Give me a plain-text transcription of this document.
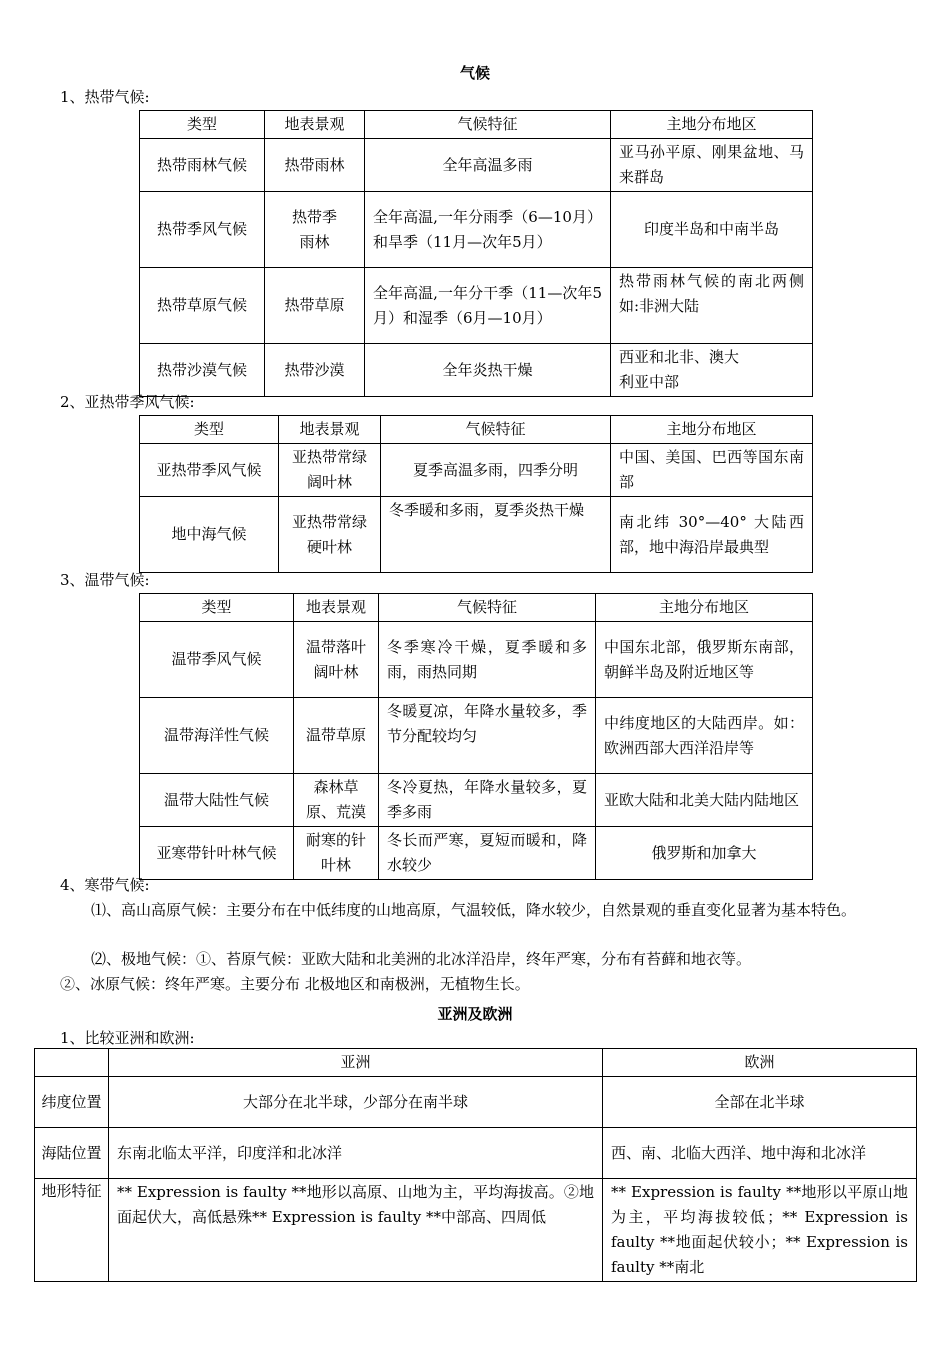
气候
1、热带气候:
类型	地表景观	气候特征	主地分布地区
热带雨林气候	热带雨林	全年高温多雨	亚马孙平原、刚果盆地、马来群岛
热带季风气候	热带季雨林	全年高温,一年分雨季（6—10月）和旱季（11月—次年5月）	印度半岛和中南半岛
热带草原气候	热带草原	全年高温,一年分干季（11—次年5月）和湿季（6月—10月）	热带雨林气候的南北两侧 如:非洲大陆
热带沙漠气候	热带沙漠	全年炎热干燥	西亚和北非、澳大利亚中部
2、亚热带季风气候:
类型	地表景观	气候特征	主地分布地区
亚热带季风气候	亚热带常绿阔叶林	夏季高温多雨，四季分明	中国、美国、巴西等国东南部
地中海气候	亚热带常绿硬叶林	冬季暖和多雨，夏季炎热干燥	南北纬 30°—40° 大陆西部，地中海沿岸最典型
3、温带气候:
类型	地表景观	气候特征	主地分布地区
温带季风气候	温带落叶阔叶林	冬季寒冷干燥，夏季暖和多雨，雨热同期	中国东北部，俄罗斯东南部，朝鲜半岛及附近地区等
温带海洋性气候	温带草原	冬暖夏凉，年降水量较多，季节分配较均匀	中纬度地区的大陆西岸。如：欧洲西部大西洋沿岸等
温带大陆性气候	森林草原、荒漠	冬冷夏热，年降水量较多，夏季多雨	亚欧大陆和北美大陆内陆地区
亚寒带针叶林气候	耐寒的针叶林	冬长而严寒，夏短而暖和，降水较少	俄罗斯和加拿大
4、寒带气候:
⑴、高山高原气候：主要分布在中低纬度的山地高原，气温较低，降水较少，自然景观的垂直变化显著为基本特色。
⑵、极地气候：①、苔原气候：亚欧大陆和北美洲的北冰洋沿岸，终年严寒，分布有苔藓和地衣等。
②、冰原气候：终年严寒。主要分布 北极地区和南极洲，无植物生长。
亚洲及欧洲
1、比较亚洲和欧洲:
	亚洲	欧洲
纬度位置	大部分在北半球，少部分在南半球	全部在北半球
海陆位置	东南北临太平洋，印度洋和北冰洋	西、南、北临大西洋、地中海和北冰洋
地形特征	** Expression is faulty **地形以高原、山地为主，平均海拔高。②地面起伏大，高低悬殊** Expression is faulty **中部高、四周低	** Expression is faulty **地形以平原山地为主，平均海拔较低；** Expression is faulty **地面起伏较小；** Expression is faulty **南北
